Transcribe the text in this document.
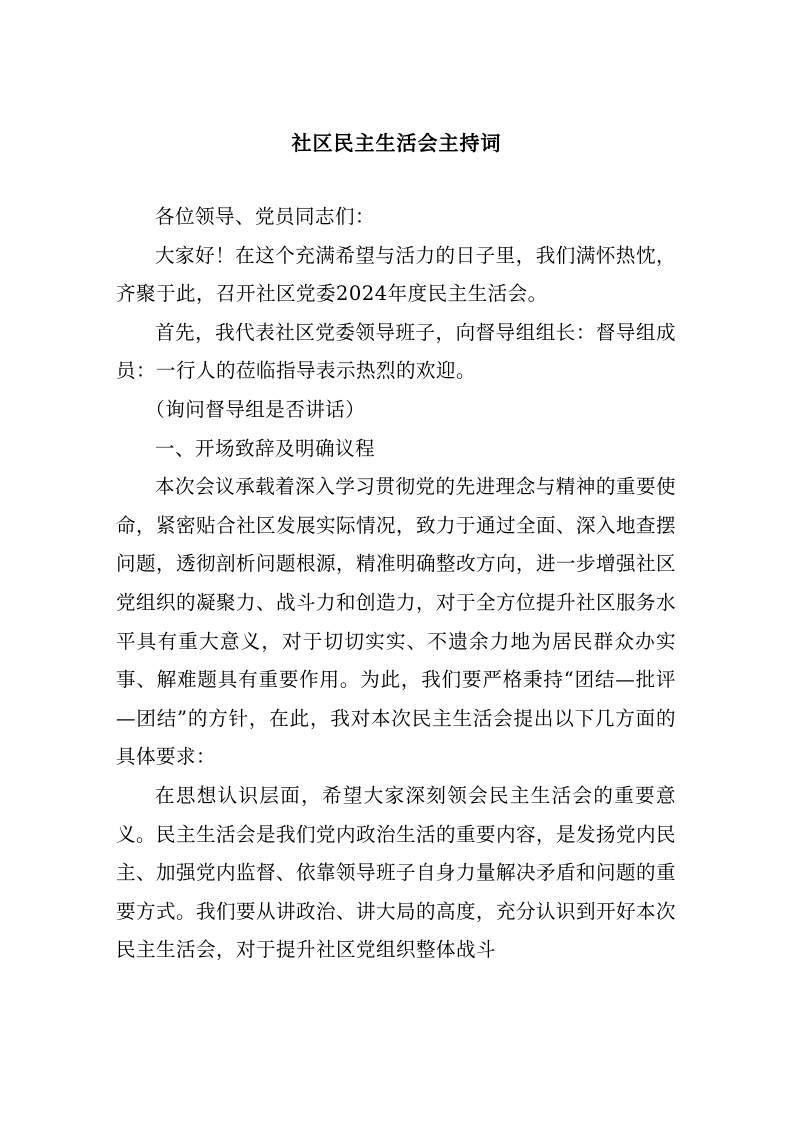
社区民主生活会主持词

各位领导、党员同志们：

大家好！在这个充满希望与活力的日子里，我们满怀热忱，齐聚于此，召开社区党委2024年度民主生活会。

首先，我代表社区党委领导班子，向督导组组长：督导组成员：一行人的莅临指导表示热烈的欢迎。

（询问督导组是否讲话）

一、开场致辞及明确议程

本次会议承载着深入学习贯彻党的先进理念与精神的重要使命，紧密贴合社区发展实际情况，致力于通过全面、深入地查摆问题，透彻剖析问题根源，精准明确整改方向，进一步增强社区党组织的凝聚力、战斗力和创造力，对于全方位提升社区服务水平具有重大意义，对于切切实实、不遗余力地为居民群众办实事、解难题具有重要作用。为此，我们要严格秉持“团结—批评—团结”的方针，在此，我对本次民主生活会提出以下几方面的具体要求：

在思想认识层面，希望大家深刻领会民主生活会的重要意义。民主生活会是我们党内政治生活的重要内容，是发扬党内民主、加强党内监督、依靠领导班子自身力量解决矛盾和问题的重要方式。我们要从讲政治、讲大局的高度，充分认识到开好本次民主生活会，对于提升社区党组织整体战斗
